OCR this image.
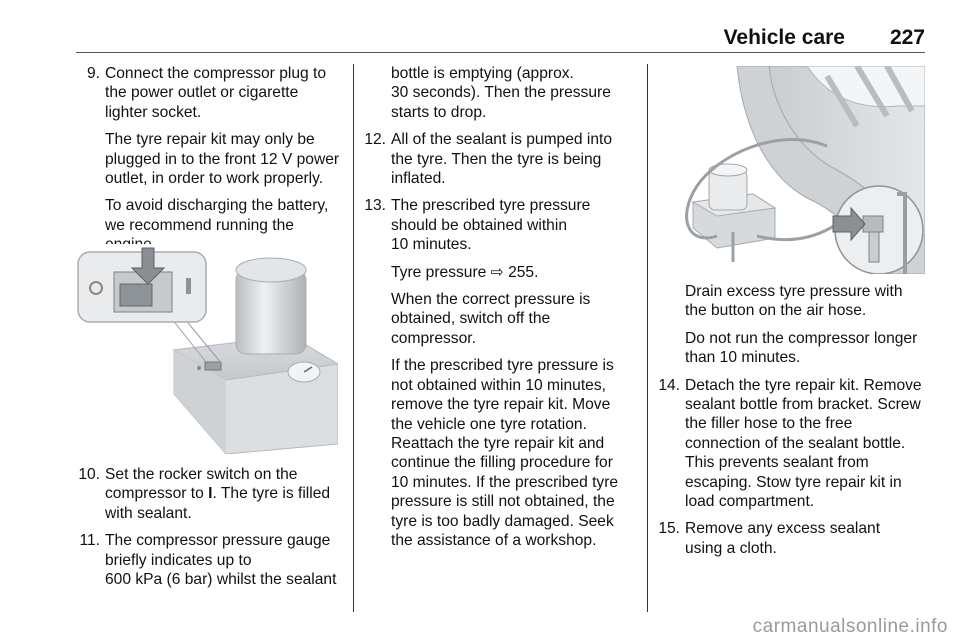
Vehicle care 227
9. Connect the compressor plug to
the power outlet or cigarette
lighter socket.

The tyre repair kit may only be
plugged in to the front 12 V power
outlet, in order to work properly.

To avoid discharging the battery,
we recommend running the

10. Set the rocker switch on the
compressor to I. The tyre is filled
with sealant.

11. The compressor pressure gauge
briefly indicates up to
600 kPa (6 bar) whilst the sealant

bottle is emptying (approx.
30 seconds). Then the pressure
starts to drop.

12. All of the sealant is pumped into
the tyre. Then the tyre is being
inflated.

13. The prescribed tyre pressure
should be obtained within
10 minutes.

Tyre pressure ⇨ 255.

When the correct pressure is
obtained, switch off the
compressor.

If the prescribed tyre pressure is
not obtained within 10 minutes,
remove the tyre repair kit. Move
the vehicle one tyre rotation.
Reattach the tyre repair kit and
continue the filling procedure for
10 minutes. If the prescribed tyre
pressure is still not obtained, the
tyre is too badly damaged. Seek
the assistance of a workshop.

Drain excess tyre pressure with
the button on the air hose.

Do not run the compressor longer
than 10 minutes.

14. Detach the tyre repair kit. Remove
sealant bottle from bracket. Screw
the filler hose to the free
connection of the sealant bottle.
This prevents sealant from
escaping. Stow tyre repair kit in
load compartment.

15. Remove any excess sealant
using a cloth.

carmanualsonline.info
